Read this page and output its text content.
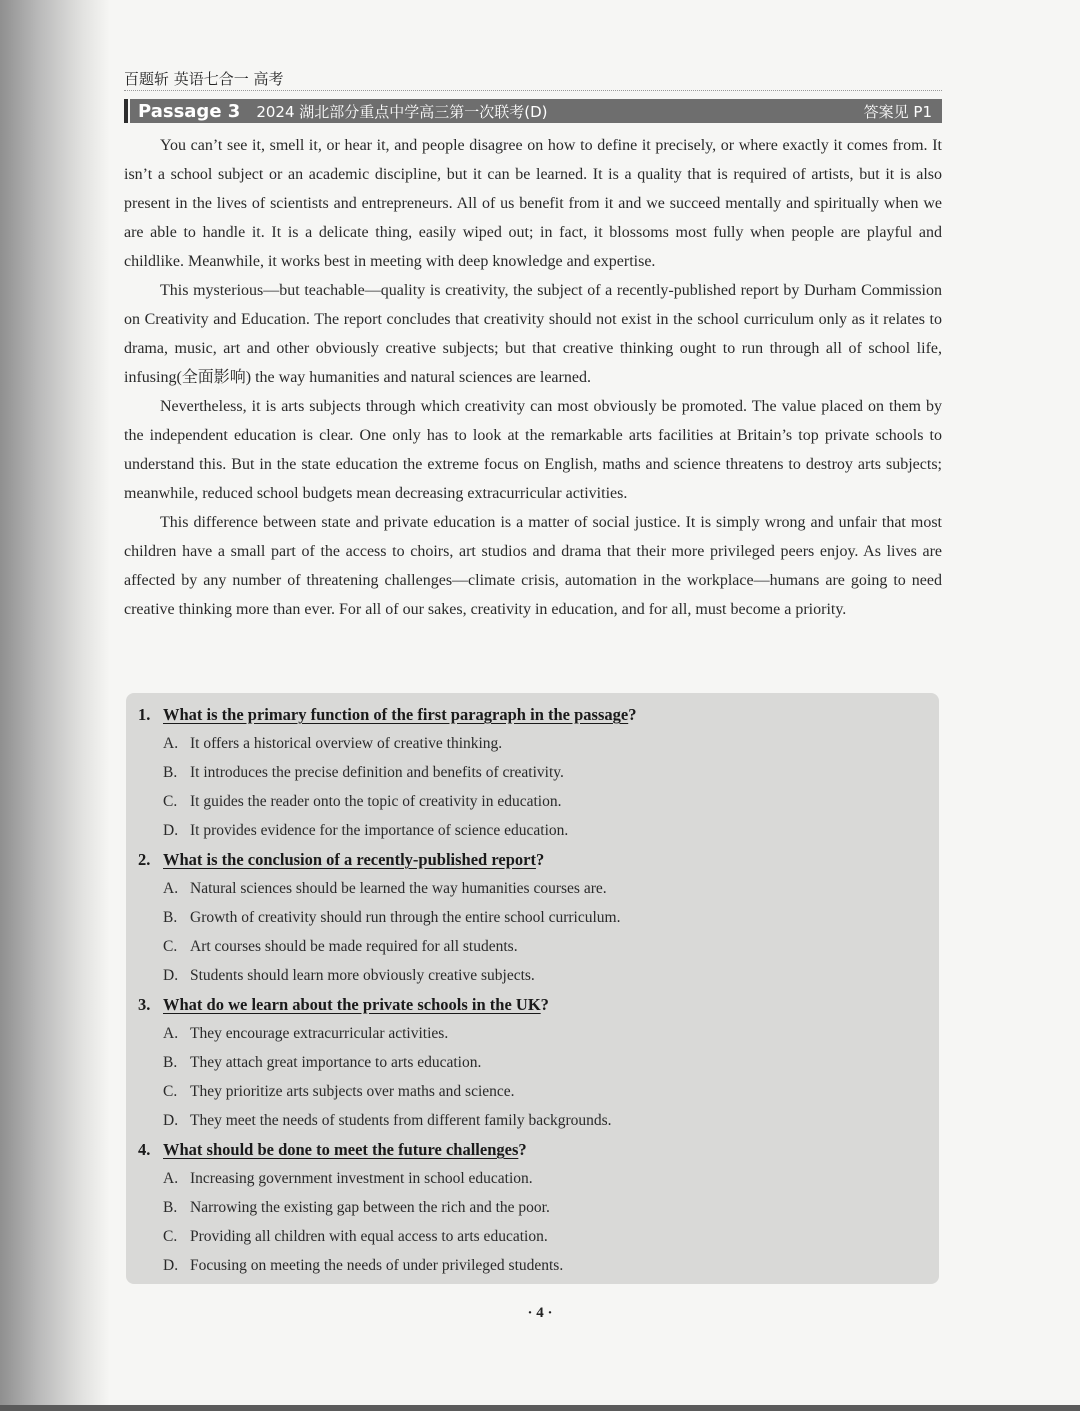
百题斩 英语七合一 高考
Passage 3 2024 湖北部分重点中学高三第一次联考(D)	答案见 P1

You can’t see it, smell it, or hear it, and people disagree on how to define it precisely, or where exactly it comes from. It isn’t a school subject or an academic discipline, but it can be learned. It is a quality that is required of artists, but it is also present in the lives of scientists and entrepreneurs. All of us benefit from it and we succeed mentally and spiritually when we are able to handle it. It is a delicate thing, easily wiped out; in fact, it blossoms most fully when people are playful and childlike. Meanwhile, it works best in meeting with deep knowledge and expertise.

This mysterious—but teachable—quality is creativity, the subject of a recently-published report by Durham Commission on Creativity and Education. The report concludes that creativity should not exist in the school curriculum only as it relates to drama, music, art and other obviously creative subjects; but that creative thinking ought to run through all of school life, infusing(全面影响) the way humanities and natural sciences are learned.

Nevertheless, it is arts subjects through which creativity can most obviously be promoted. The value placed on them by the independent education is clear. One only has to look at the remarkable arts facilities at Britain’s top private schools to understand this. But in the state education the extreme focus on English, maths and science threatens to destroy arts subjects; meanwhile, reduced school budgets mean decreasing extracurricular activities.

This difference between state and private education is a matter of social justice. It is simply wrong and unfair that most children have a small part of the access to choirs, art studios and drama that their more privileged peers enjoy. As lives are affected by any number of threatening challenges—climate crisis, automation in the workplace—humans are going to need creative thinking more than ever. For all of our sakes, creativity in education, and for all, must become a priority.

1. What is the primary function of the first paragraph in the passage?
A. It offers a historical overview of creative thinking.
B. It introduces the precise definition and benefits of creativity.
C. It guides the reader onto the topic of creativity in education.
D. It provides evidence for the importance of science education.
2. What is the conclusion of a recently-published report?
A. Natural sciences should be learned the way humanities courses are.
B. Growth of creativity should run through the entire school curriculum.
C. Art courses should be made required for all students.
D. Students should learn more obviously creative subjects.
3. What do we learn about the private schools in the UK?
A. They encourage extracurricular activities.
B. They attach great importance to arts education.
C. They prioritize arts subjects over maths and science.
D. They meet the needs of students from different family backgrounds.
4. What should be done to meet the future challenges?
A. Increasing government investment in school education.
B. Narrowing the existing gap between the rich and the poor.
C. Providing all children with equal access to arts education.
D. Focusing on meeting the needs of under privileged students.
· 4 ·
